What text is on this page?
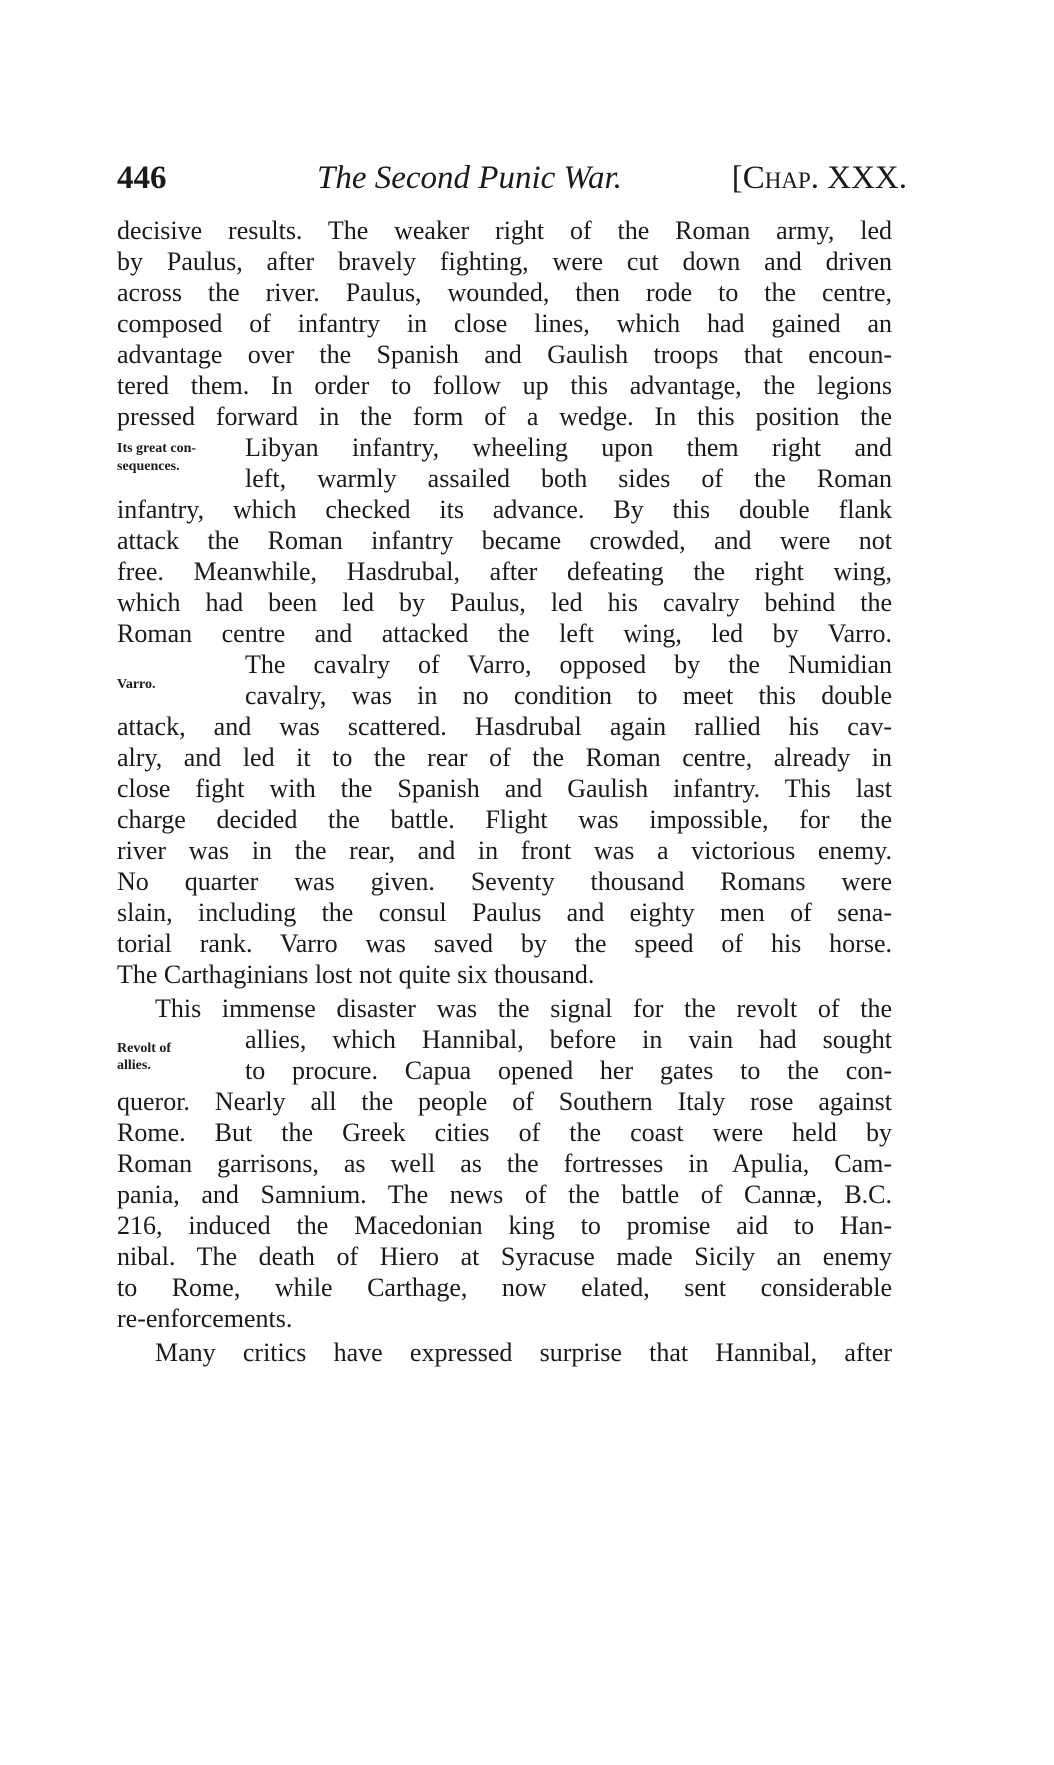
446	The Second Punic War.	[Chap. XXX.
Its great con-
sequences.
Varro.
Revolt of
allies.
decisive results. The weaker right of the Roman army, led
by Paulus, after bravely fighting, were cut down and driven
across the river. Paulus, wounded, then rode to the centre,
composed of infantry in close lines, which had gained an
advantage over the Spanish and Gaulish troops that encoun-
tered them. In order to follow up this advantage, the legions
pressed forward in the form of a wedge. In this position the
Libyan infantry, wheeling upon them right and
left, warmly assailed both sides of the Roman
infantry, which checked its advance. By this double flank
attack the Roman infantry became crowded, and were not
free. Meanwhile, Hasdrubal, after defeating the right wing,
which had been led by Paulus, led his cavalry behind the
Roman centre and attacked the left wing, led by Varro.
The cavalry of Varro, opposed by the Numidian
cavalry, was in no condition to meet this double
attack, and was scattered. Hasdrubal again rallied his cav-
alry, and led it to the rear of the Roman centre, already in
close fight with the Spanish and Gaulish infantry. This last
charge decided the battle. Flight was impossible, for the
river was in the rear, and in front was a victorious enemy.
No quarter was given. Seventy thousand Romans were
slain, including the consul Paulus and eighty men of sena-
torial rank. Varro was saved by the speed of his horse.
The Carthaginians lost not quite six thousand.
This immense disaster was the signal for the revolt of the
allies, which Hannibal, before in vain had sought
to procure. Capua opened her gates to the con-
queror. Nearly all the people of Southern Italy rose against
Rome. But the Greek cities of the coast were held by
Roman garrisons, as well as the fortresses in Apulia, Cam-
pania, and Samnium. The news of the battle of Cannæ, B.C.
216, induced the Macedonian king to promise aid to Han-
nibal. The death of Hiero at Syracuse made Sicily an enemy
to Rome, while Carthage, now elated, sent considerable
re-enforcements.
Many critics have expressed surprise that Hannibal, after
